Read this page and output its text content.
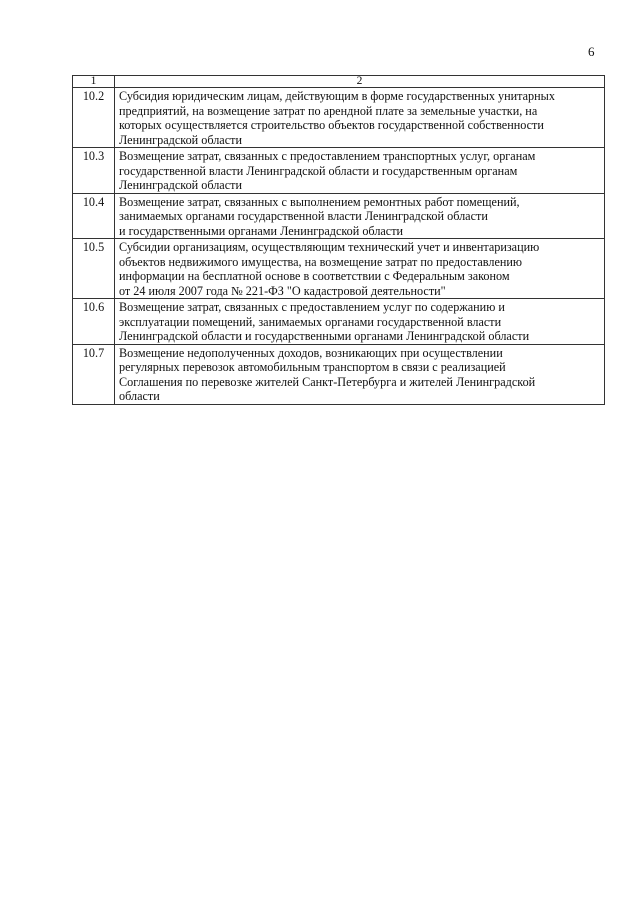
6
1	2
10.2	Субсидия юридическим лицам, действующим в форме государственных унитарных
предприятий, на возмещение затрат по арендной плате за земельные участки, на
которых осуществляется строительство объектов государственной собственности
Ленинградской области
10.3	Возмещение затрат, связанных с предоставлением транспортных услуг, органам
государственной власти Ленинградской области и государственным органам
Ленинградской области
10.4	Возмещение затрат, связанных с выполнением ремонтных работ помещений,
занимаемых органами государственной власти Ленинградской области
и государственными органами Ленинградской области
10.5	Субсидии организациям, осуществляющим технический учет и инвентаризацию
объектов недвижимого имущества, на возмещение затрат по предоставлению
информации на бесплатной основе в соответствии с Федеральным законом
от 24 июля 2007 года № 221-ФЗ "О кадастровой деятельности"
10.6	Возмещение затрат, связанных с предоставлением услуг по содержанию и
эксплуатации помещений, занимаемых органами государственной власти
Ленинградской области и государственными органами Ленинградской области
10.7	Возмещение недополученных доходов, возникающих при осуществлении
регулярных перевозок автомобильным транспортом в связи с реализацией
Соглашения по перевозке жителей Санкт-Петербурга и жителей Ленинградской
области
